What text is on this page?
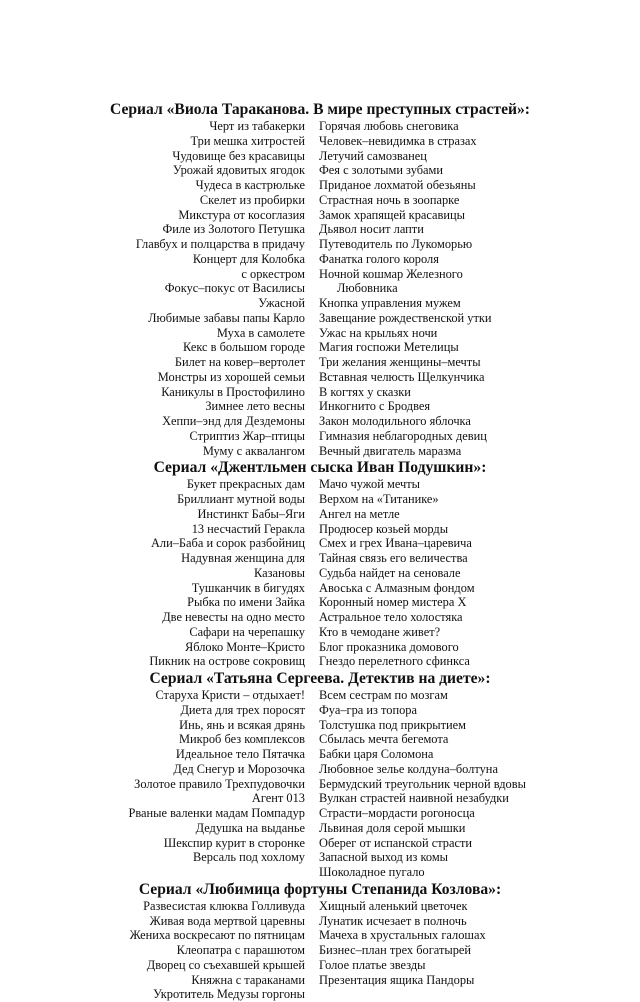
Сериал «Виола Тараканова. В мире преступных страстей»:
Черт из табакерки
Три мешка хитростей
Чудовище без красавицы
Урожай ядовитых ягодок
Чудеса в кастрюльке
Скелет из пробирки
Микстура от косоглазия
Филе из Золотого Петушка
Главбух и полцарства в придачу
Концерт для Колобка
с оркестром
Фокус–покус от Василисы
Ужасной
Любимые забавы папы Карло
Муха в самолете
Кекс в большом городе
Билет на ковер–вертолет
Монстры из хорошей семьи
Каникулы в Простофилино
Зимнее лето весны
Хеппи–энд для Дездемоны
Стриптиз Жар–птицы
Муму с аквалангом
Горячая любовь снеговика
Человек–невидимка в стразах
Летучий самозванец
Фея с золотыми зубами
Приданое лохматой обезьяны
Страстная ночь в зоопарке
Замок храпящей красавицы
Дьявол носит лапти
Путеводитель по Лукоморью
Фанатка голого короля
Ночной кошмар Железного
Любовника
Кнопка управления мужем
Завещание рождественской утки
Ужас на крыльях ночи
Магия госпожи Метелицы
Три желания женщины–мечты
Вставная челюсть Щелкунчика
В когтях у сказки
Инкогнито с Бродвея
Закон молодильного яблочка
Гимназия неблагородных девиц
Вечный двигатель маразма
Сериал «Джентльмен сыска Иван Подушкин»:
Букет прекрасных дам
Бриллиант мутной воды
Инстинкт Бабы–Яги
13 несчастий Геракла
Али–Баба и сорок разбойниц
Надувная женщина для
Казановы
Тушканчик в бигудях
Рыбка по имени Зайка
Две невесты на одно место
Сафари на черепашку
Яблоко Монте–Кристо
Пикник на острове сокровищ
Мачо чужой мечты
Верхом на «Титанике»
Ангел на метле
Продюсер козьей морды
Смех и грех Ивана–царевича
Тайная связь его величества
Судьба найдет на сеновале
Авоська с Алмазным фондом
Коронный номер мистера Х
Астральное тело холостяка
Кто в чемодане живет?
Блог проказника домового
Гнездо перелетного сфинкса
Сериал «Татьяна Сергеева. Детектив на диете»:
Старуха Кристи – отдыхает!
Диета для трех поросят
Инь, янь и всякая дрянь
Микроб без комплексов
Идеальное тело Пятачка
Дед Снегур и Морозочка
Золотое правило Трехпудовочки
Агент 013
Рваные валенки мадам Помпадур
Дедушка на выданье
Шекспир курит в сторонке
Версаль под хохлому
Всем сестрам по мозгам
Фуа–гра из топора
Толстушка под прикрытием
Сбылась мечта бегемота
Бабки царя Соломона
Любовное зелье колдуна–болтуна
Бермудский треугольник черной вдовы
Вулкан страстей наивной незабудки
Страсти–мордасти рогоносца
Львиная доля серой мышки
Оберег от испанской страсти
Запасной выход из комы
Шоколадное пугало
Сериал «Любимица фортуны Степанида Козлова»:
Развесистая клюква Голливуда
Живая вода мертвой царевны
Жениха воскресают по пятницам
Клеопатра с парашютом
Дворец со съехавшей крышей
Княжна с тараканами
Укротитель Медузы горгоны
Хищный аленький цветочек
Лунатик исчезает в полночь
Мачеха в хрустальных галошах
Бизнес–план трех богатырей
Голое платье звезды
Презентация ящика Пандоры
